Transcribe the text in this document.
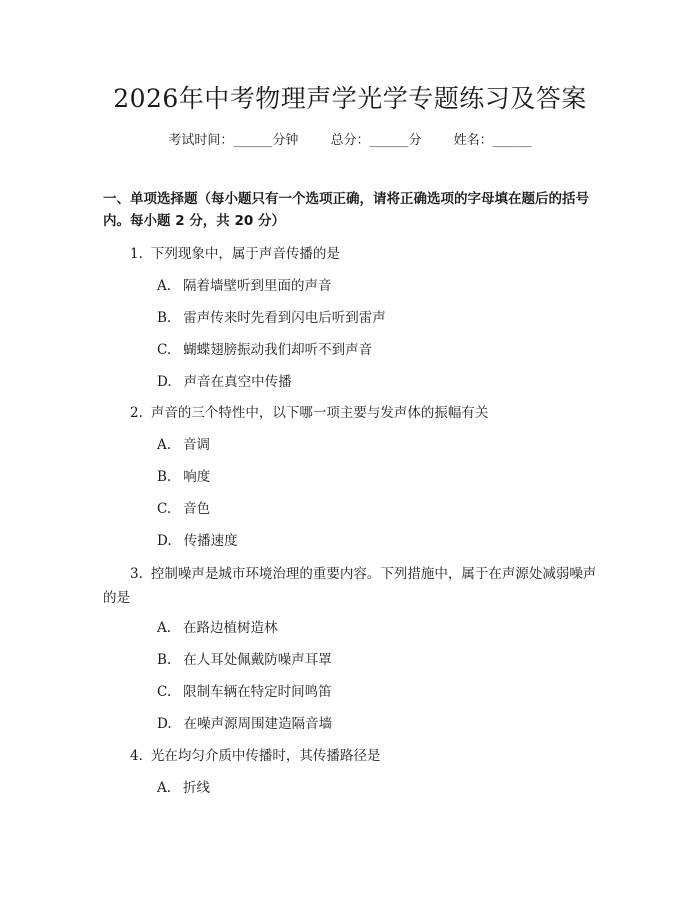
2026年中考物理声学光学专题练习及答案
考试时间：______分钟 总分：______分 姓名：______
一、单项选择题（每小题只有一个选项正确，请将正确选项的字母填在题后的括号内。每小题 2 分，共 20 分）
1. 下列现象中，属于声音传播的是
A. 隔着墙壁听到里面的声音
B. 雷声传来时先看到闪电后听到雷声
C. 蝴蝶翅膀振动我们却听不到声音
D. 声音在真空中传播
2. 声音的三个特性中，以下哪一项主要与发声体的振幅有关
A. 音调
B. 响度
C. 音色
D. 传播速度
3. 控制噪声是城市环境治理的重要内容。下列措施中，属于在声源处减弱噪声的是
A. 在路边植树造林
B. 在人耳处佩戴防噪声耳罩
C. 限制车辆在特定时间鸣笛
D. 在噪声源周围建造隔音墙
4. 光在均匀介质中传播时，其传播路径是
A. 折线
